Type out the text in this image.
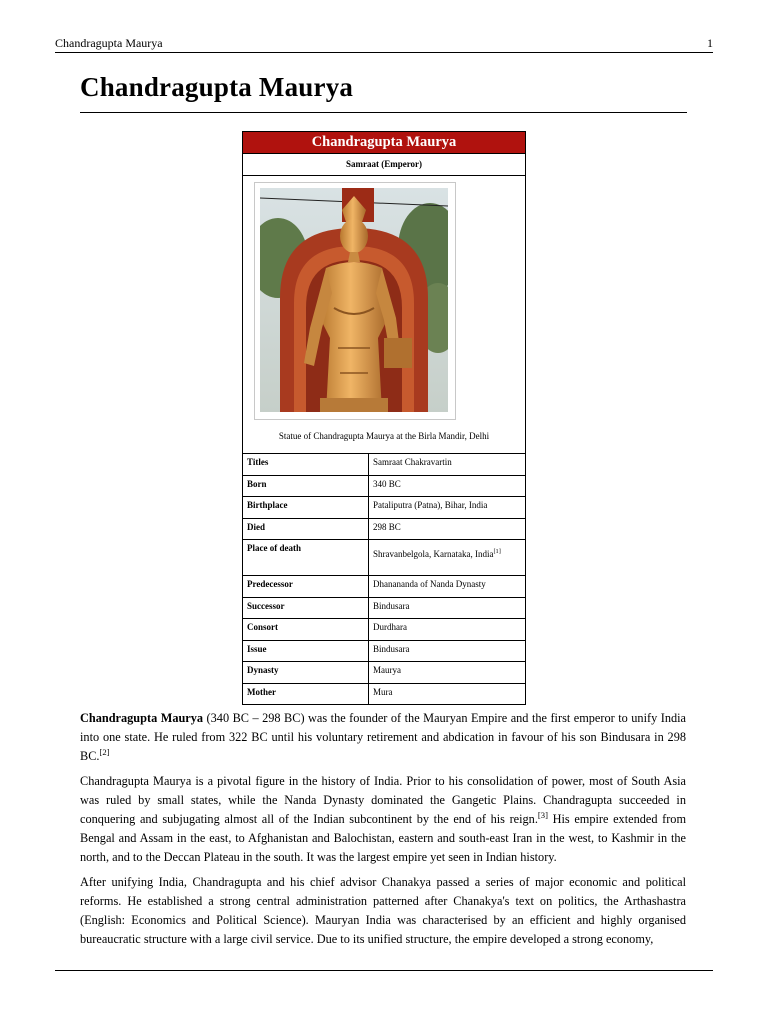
Chandragupta Maurya	1
Chandragupta Maurya
Chandragupta Maurya
Samraat (Emperor)
Statue of Chandragupta Maurya at the Birla Mandir, Delhi
Titles	Samraat Chakravartin
Born	340 BC
Birthplace	Pataliputra (Patna), Bihar, India
Died	298 BC
Place of death	Shravanbelgola, Karnataka, India[1]
Predecessor	Dhanananda of Nanda Dynasty
Successor	Bindusara
Consort	Durdhara
Issue	Bindusara
Dynasty	Maurya
Mother	Mura

Chandragupta Maurya (340 BC – 298 BC) was the founder of the Mauryan Empire and the first emperor to unify India into one state. He ruled from 322 BC until his voluntary retirement and abdication in favour of his son Bindusara in 298 BC.[2]

Chandragupta Maurya is a pivotal figure in the history of India. Prior to his consolidation of power, most of South Asia was ruled by small states, while the Nanda Dynasty dominated the Gangetic Plains. Chandragupta succeeded in conquering and subjugating almost all of the Indian subcontinent by the end of his reign.[3] His empire extended from Bengal and Assam in the east, to Afghanistan and Balochistan, eastern and south-east Iran in the west, to Kashmir in the north, and to the Deccan Plateau in the south. It was the largest empire yet seen in Indian history.

After unifying India, Chandragupta and his chief advisor Chanakya passed a series of major economic and political reforms. He established a strong central administration patterned after Chanakya's text on politics, the Arthashastra (English: Economics and Political Science). Mauryan India was characterised by an efficient and highly organised bureaucratic structure with a large civil service. Due to its unified structure, the empire developed a strong economy,
